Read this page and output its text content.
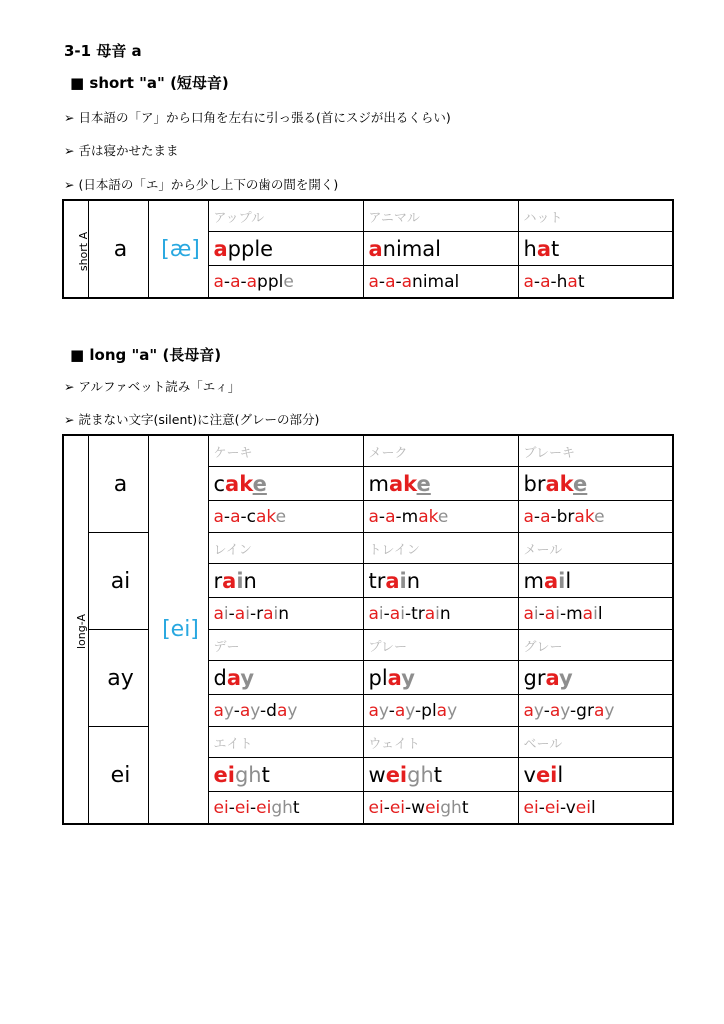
3-1 母音 a
■ short "a" (短母音)
➢ 日本語の「ア」から口角を左右に引っ張る(首にスジが出るくらい)
➢ 舌は寝かせたまま
➢ (日本語の「エ」から少し上下の歯の間を開く)
short A	a	[æ]	アップル	アニマル	ハット
			apple	animal	hat
			a-a-apple	a-a-animal	a-a-hat
■ long "a" (長母音)
➢ アルファベット読み「エィ」
➢ 読まない文字(silent)に注意(グレーの部分)
long-A	a	[ei]	ケーキ	メーク	ブレーキ
			cake	make	brake
			a-a-cake	a-a-make	a-a-brake
	ai		レイン	トレイン	メール
			rain	train	mail
			ai-ai-rain	ai-ai-train	ai-ai-mail
	ay		デー	プレー	グレー
			day	play	gray
			ay-ay-day	ay-ay-play	ay-ay-gray
	ei		エイト	ウェイト	ベール
			eight	weight	veil
			ei-ei-eight	ei-ei-weight	ei-ei-veil
